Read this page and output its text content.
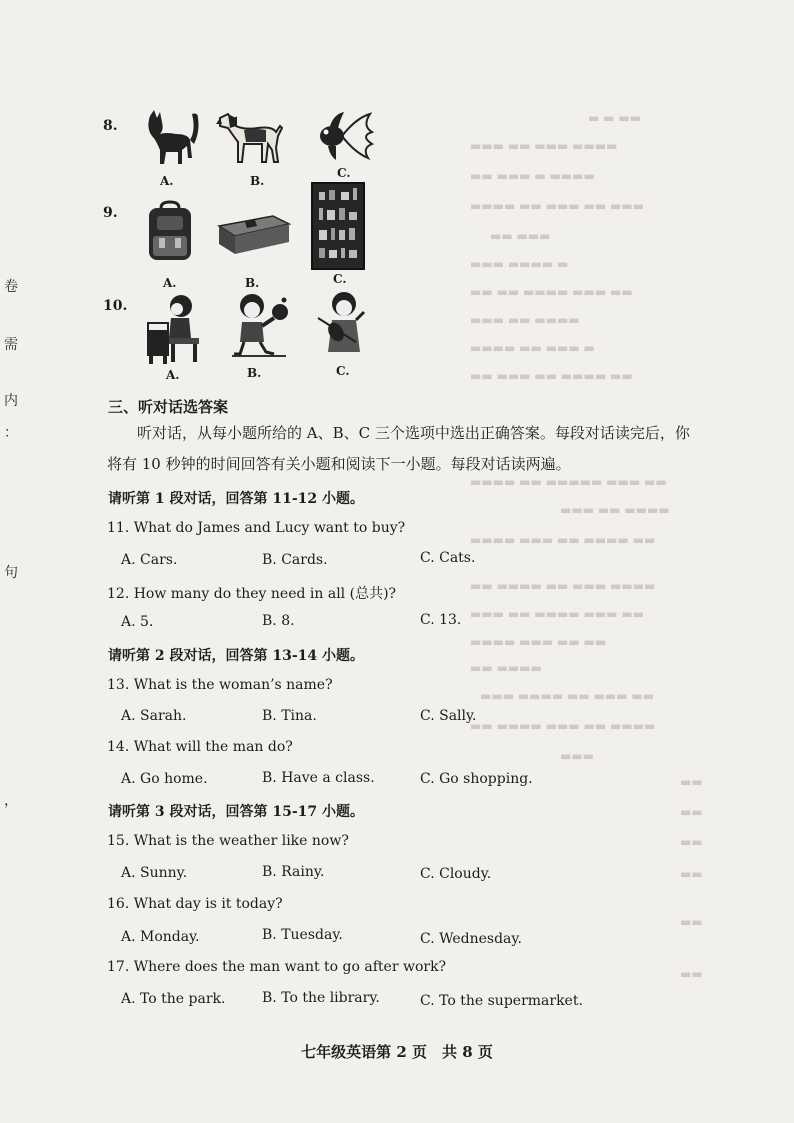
▬ ▬ ▬▬
▬▬▬ ▬▬ ▬▬▬ ▬▬▬▬
▬▬ ▬▬▬ ▬ ▬▬▬▬
▬▬▬▬ ▬▬ ▬▬▬ ▬▬ ▬▬▬
▬▬ ▬▬▬
▬▬▬ ▬▬▬▬ ▬
▬▬ ▬▬ ▬▬▬▬ ▬▬▬ ▬▬
▬▬▬ ▬▬ ▬▬▬▬
▬▬▬▬ ▬▬ ▬▬▬ ▬
▬▬ ▬▬▬ ▬▬ ▬▬▬▬ ▬▬
▬▬▬▬ ▬▬ ▬▬▬▬▬ ▬▬▬ ▬▬
▬▬▬ ▬▬ ▬▬▬▬
▬▬▬▬ ▬▬▬ ▬▬ ▬▬▬▬ ▬▬
▬▬ ▬▬▬▬ ▬▬ ▬▬▬ ▬▬▬▬
▬▬▬ ▬▬ ▬▬▬▬ ▬▬▬ ▬▬
▬▬▬▬ ▬▬▬ ▬▬ ▬▬
▬▬ ▬▬▬▬
▬▬▬ ▬▬▬▬ ▬▬ ▬▬▬ ▬▬
▬▬ ▬▬▬▬ ▬▬▬ ▬▬ ▬▬▬▬
▬▬▬
▬▬
▬▬
▬▬
▬▬
▬▬
▬▬
卷
需
内
：
句
，
8.
A.	B.
C.
9.
A.	B.	C.
10.
A.	B.	C.
三、听对话选答案
听对话，从每小题所给的 A、B、C 三个选项中选出正确答案。每段对话读完后，你
将有 10 秒钟的时间回答有关小题和阅读下一小题。每段对话读两遍。
请听第 1 段对话，回答第 11-12 小题。
11. What do James and Lucy want to buy?
A. Cars.	B. Cards.	C. Cats.
12. How many do they need in all (总共)?
A. 5.	B. 8.	C. 13.
请听第 2 段对话，回答第 13-14 小题。
13. What is the woman’s name?
A. Sarah.	B. Tina.	C. Sally.
14. What will the man do?
A. Go home.	B. Have a class.	C. Go shopping.
请听第 3 段对话，回答第 15-17 小题。
15. What is the weather like now?
A. Sunny.	B. Rainy.	C. Cloudy.
16. What day is it today?
A. Monday.	B. Tuesday.	C. Wednesday.
17. Where does the man want to go after work?
A. To the park.	B. To the library.	C. To the supermarket.
七年级英语第 2 页　共 8 页
